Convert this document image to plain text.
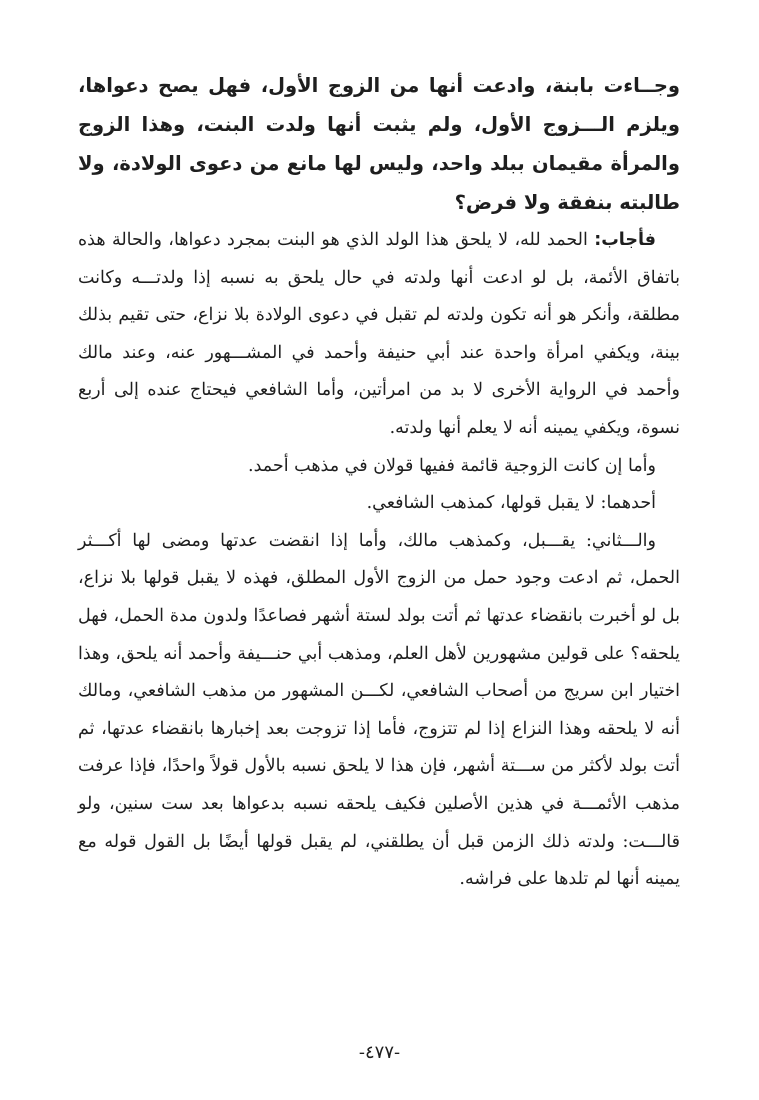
وجــاءت بابنة، وادعت أنها من الزوج الأول، فهل يصح دعواها، ويلزم الـــزوج الأول، ولم يثبت أنها ولدت البنت، وهذا الزوج والمرأة مقيمان ببلد واحد، وليس لها مانع من دعوى الولادة، ولا طالبته بنفقة ولا فرض؟

فأجاب: الحمد لله، لا يلحق هذا الولد الذي هو البنت بمجرد دعواها، والحالة هذه باتفاق الأئمة، بل لو ادعت أنها ولدته في حال يلحق به نسبه إذا ولدتـــه وكانت مطلقة، وأنكر هو أنه تكون ولدته لم تقبل في دعوى الولادة بلا نزاع، حتى تقيم بذلك بينة، ويكفي امرأة واحدة عند أبي حنيفة وأحمد في المشـــهور عنه، وعند مالك وأحمد في الرواية الأخرى لا بد من امرأتين، وأما الشافعي فيحتاج عنده إلى أربع نسوة، ويكفي يمينه أنه لا يعلم أنها ولدته.

وأما إن كانت الزوجية قائمة ففيها قولان في مذهب أحمد.

أحدهما: لا يقبل قولها، كمذهب الشافعي.

والـــثاني: يقـــبل، وكمذهب مالك، وأما إذا انقضت عدتها ومضى لها أكـــثر الحمل، ثم ادعت وجود حمل من الزوج الأول المطلق، فهذه لا يقبل قولها بلا نزاع، بل لو أخبرت بانقضاء عدتها ثم أتت بولد لستة أشهر فصاعدًا ولدون مدة الحمل، فهل يلحقه؟ على قولين مشهورين لأهل العلم، ومذهب أبي حنـــيفة وأحمد أنه يلحق، وهذا اختيار ابن سريج من أصحاب الشافعي، لكـــن المشهور من مذهب الشافعي، ومالك أنه لا يلحقه وهذا النزاع إذا لم تتزوج، فأما إذا تزوجت بعد إخبارها بانقضاء عدتها، ثم أتت بولد لأكثر من ســـتة أشهر، فإن هذا لا يلحق نسبه بالأول قولاً واحدًا، فإذا عرفت مذهب الأئمـــة في هذين الأصلين فكيف يلحقه نسبه بدعواها بعد ست سنين، ولو قالـــت: ولدته ذلك الزمن قبل أن يطلقني، لم يقبل قولها أيضًا بل القول قوله مع يمينه أنها لم تلدها على فراشه.

-٤٧٧-
